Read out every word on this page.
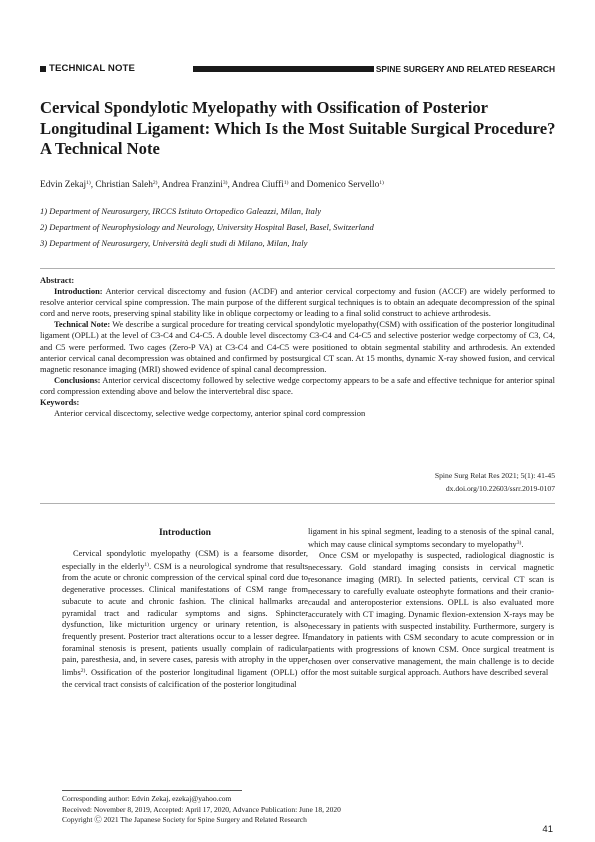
TECHNICAL NOTE	SPINE SURGERY AND RELATED RESEARCH
Cervical Spondylotic Myelopathy with Ossification of Posterior Longitudinal Ligament: Which Is the Most Suitable Surgical Procedure? A Technical Note
Edvin Zekaj$^{1)}$, Christian Saleh$^{2)}$, Andrea Franzini$^{3)}$, Andrea Ciuffi$^{1)}$ and Domenico Servello$^{1)}$
1) Department of Neurosurgery, IRCCS Istituto Ortopedico Galeazzi, Milan, Italy
2) Department of Neurophysiology and Neurology, University Hospital Basel, Basel, Switzerland
3) Department of Neurosurgery, Università degli studi di Milano, Milan, Italy
Abstract:

Introduction: Anterior cervical discectomy and fusion (ACDF) and anterior cervical corpectomy and fusion (ACCF) are widely performed to resolve anterior cervical spine compression. The main purpose of the different surgical techniques is to obtain an adequate decompression of the spinal cord and nerve roots, preserving spinal stability like in oblique corpectomy or leading to a final solid construct to achieve arthrodesis.

Technical Note: We describe a surgical procedure for treating cervical spondylotic myelopathy(CSM) with ossification of the posterior longitudinal ligament (OPLL) at the level of C3-C4 and C4-C5. A double level discectomy C3-C4 and C4-C5 and selective posterior wedge corpectomy of C3, C4, and C5 were performed. Two cages (Zero-P VA) at C3-C4 and C4-C5 were positioned to obtain segmental stability and arthrodesis. An extended anterior cervical canal decompression was obtained and confirmed by postsurgical CT scan. At 15 months, dynamic X-ray showed fusion, and cervical magnetic resonance imaging (MRI) showed evidence of spinal canal decompression.

Conclusions: Anterior cervical discectomy followed by selective wedge corpectomy appears to be a safe and effective technique for anterior spinal cord compression extending above and below the intervertebral disc space.

Keywords:
Anterior cervical discectomy, selective wedge corpectomy, anterior spinal cord compression
Spine Surg Relat Res 2021; 5(1): 41-45
dx.doi.org/10.22603/ssrr.2019-0107
Introduction

Cervical spondylotic myelopathy (CSM) is a fearsome disorder, especially in the elderly$^{1)}$. CSM is a neurological syndrome that results from the acute or chronic compression of the cervical spinal cord due to degenerative processes. Clinical manifestations of CSM range from subacute to acute and chronic fashion. The clinical hallmarks are pyramidal tract and radicular symptoms and signs. Sphincter dysfunction, like micturition urgency or urinary retention, is also frequently present. Posterior tract alterations occur to a lesser degree. If foraminal stenosis is present, patients usually complain of radicular pain, paresthesia, and, in severe cases, paresis with atrophy in the upper limbs$^{2)}$. Ossification of the posterior longitudinal ligament (OPLL) of the cervical tract consists of calcification of the posterior longitudinal

ligament in his spinal segment, leading to a stenosis of the spinal canal, which may cause clinical symptoms secondary to myelopathy$^{3)}$.

Once CSM or myelopathy is suspected, radiological diagnostic is necessary. Gold standard imaging consists in cervical magnetic resonance imaging (MRI). In selected patients, cervical CT scan is necessary to carefully evaluate osteophyte formations and their cranio-caudal and anteroposterior extensions. OPLL is also evaluated more accurately with CT imaging. Dynamic flexion-extension X-rays may be necessary in patients with suspected instability. Furthermore, surgery is mandatory in patients with CSM secondary to acute compression or in patients with progressions of known CSM. Once surgical treatment is chosen over conservative management, the main challenge is to decide for the most suitable surgical approach. Authors have described several

Corresponding author: Edvin Zekaj, ezekaj@yahoo.com
Received: November 8, 2019, Accepted: April 17, 2020, Advance Publication: June 18, 2020
Copyright Ⓒ 2021 The Japanese Society for Spine Surgery and Related Research
41
